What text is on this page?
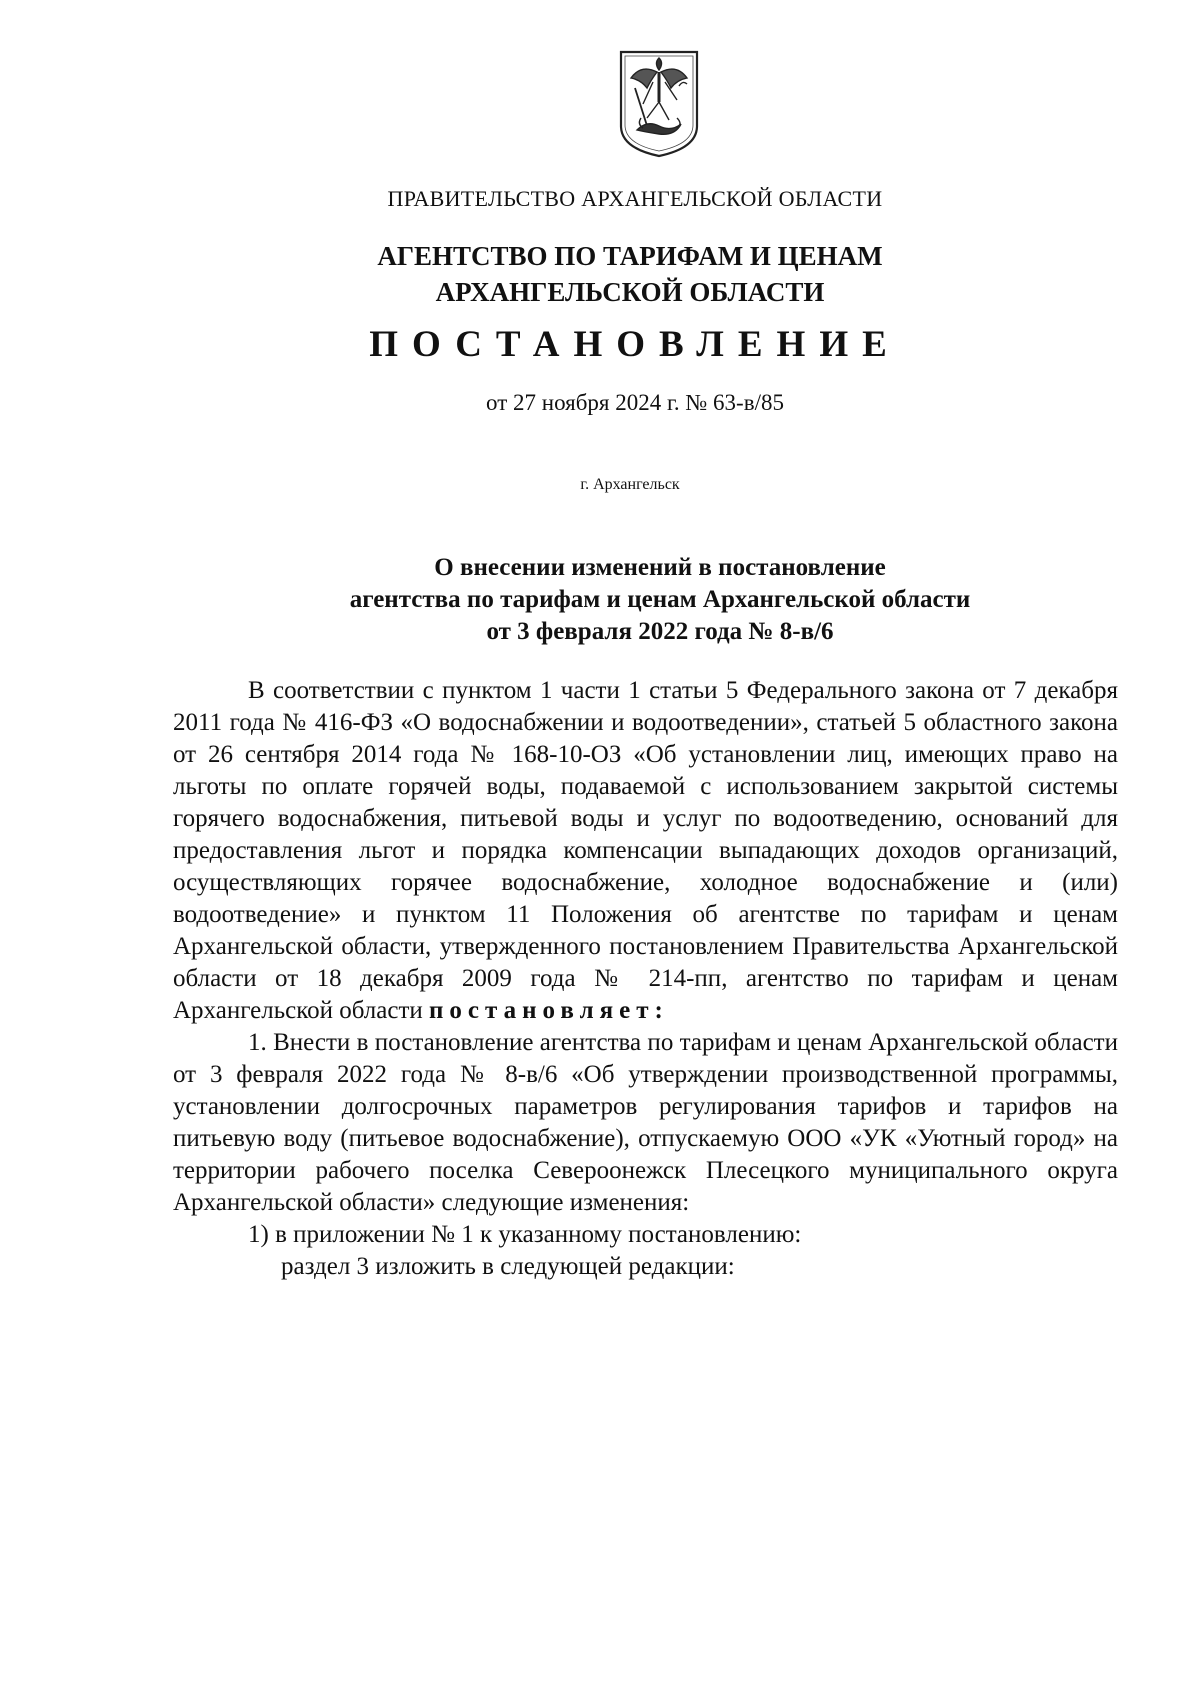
ПРАВИТЕЛЬСТВО АРХАНГЕЛЬСКОЙ ОБЛАСТИ
АГЕНТСТВО ПО ТАРИФАМ И ЦЕНАМ
АРХАНГЕЛЬСКОЙ ОБЛАСТИ
ПОСТАНОВЛЕНИЕ
от 27 ноября 2024 г. № 63-в/85
г. Архангельск
О внесении изменений в постановление
агентства по тарифам и ценам Архангельской области
от 3 февраля 2022 года № 8-в/6

В соответствии с пунктом 1 части 1 статьи 5 Федерального закона от 7 декабря 2011 года № 416-ФЗ «О водоснабжении и водоотведении», статьей 5 областного закона от 26 сентября 2014 года № 168-10-ОЗ «Об установлении лиц, имеющих право на льготы по оплате горячей воды, подаваемой с использованием закрытой системы горячего водоснабжения, питьевой воды и услуг по водоотведению, оснований для предоставления льгот и порядка компенсации выпадающих доходов организаций, осуществляющих горячее водоснабжение, холодное водоснабжение и (или) водоотведение» и пунктом 11 Положения об агентстве по тарифам и ценам Архангельской области, утвержденного постановлением Правительства Архангельской области от 18 декабря 2009 года № 214-пп, агентство по тарифам и ценам Архангельской области постановляет:

1. Внести в постановление агентства по тарифам и ценам Архангельской области от 3 февраля 2022 года № 8-в/6 «Об утверждении производственной программы, установлении долгосрочных параметров регулирования тарифов и тарифов на питьевую воду (питьевое водоснабжение), отпускаемую ООО «УК «Уютный город» на территории рабочего поселка Североонежск Плесецкого муниципального округа Архангельской области» следующие изменения:

1) в приложении № 1 к указанному постановлению:

раздел 3 изложить в следующей редакции:
